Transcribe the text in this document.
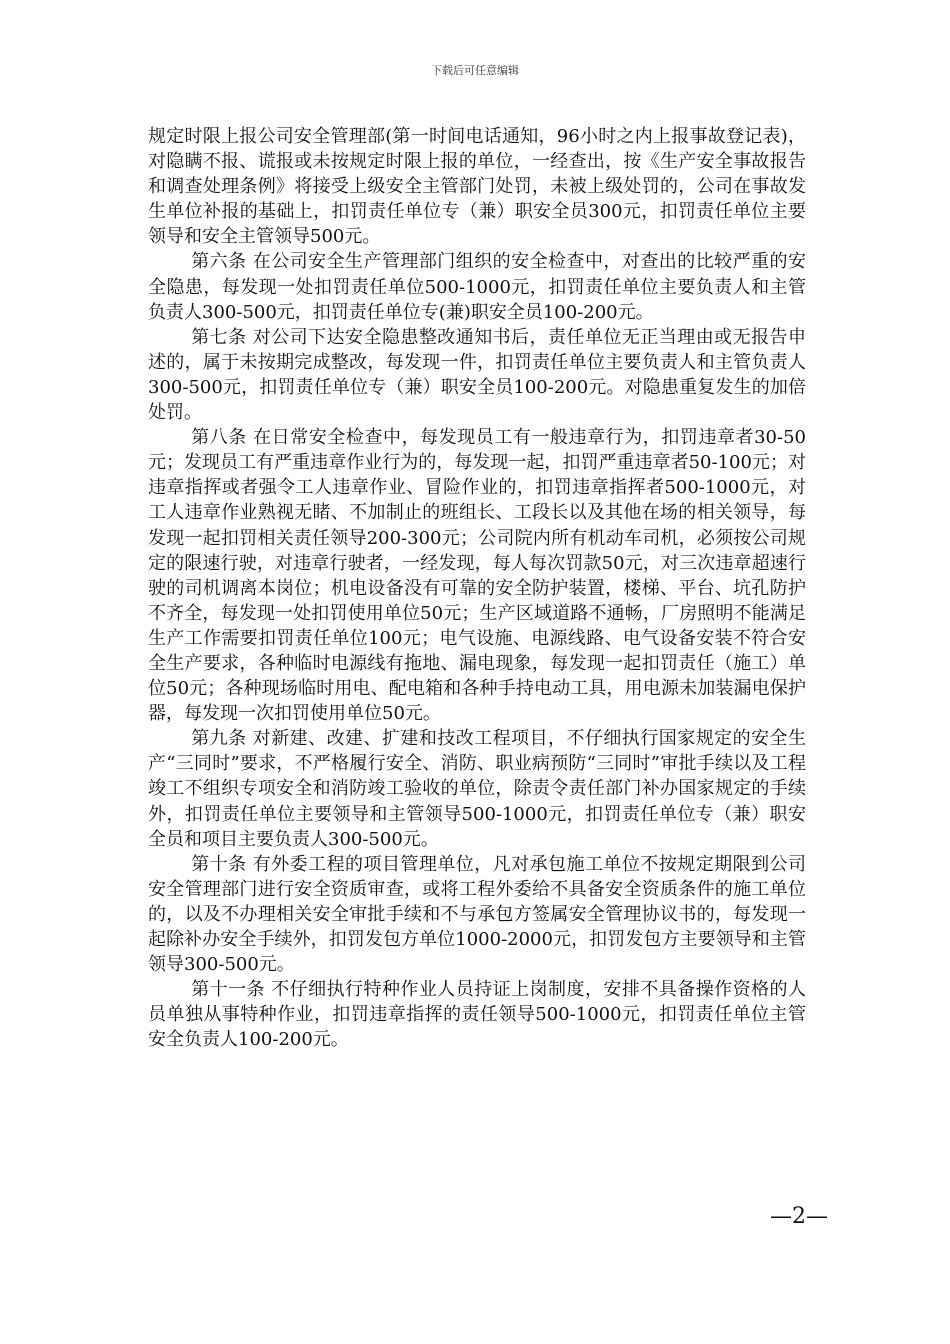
下载后可任意编辑

规定时限上报公司安全管理部(第一时间电话通知，96小时之内上报事故登记表)，对隐瞒不报、谎报或未按规定时限上报的单位，一经查出，按《生产安全事故报告和调查处理条例》将接受上级安全主管部门处罚，未被上级处罚的，公司在事故发生单位补报的基础上，扣罚责任单位专（兼）职安全员300元，扣罚责任单位主要领导和安全主管领导500元。

第六条 在公司安全生产管理部门组织的安全检查中，对查出的比较严重的安全隐患，每发现一处扣罚责任单位500-1000元，扣罚责任单位主要负责人和主管负责人300-500元，扣罚责任单位专(兼)职安全员100-200元。

第七条 对公司下达安全隐患整改通知书后，责任单位无正当理由或无报告申述的，属于未按期完成整改，每发现一件，扣罚责任单位主要负责人和主管负责人300-500元，扣罚责任单位专（兼）职安全员100-200元。对隐患重复发生的加倍处罚。

第八条 在日常安全检查中，每发现员工有一般违章行为，扣罚违章者30-50元；发现员工有严重违章作业行为的，每发现一起，扣罚严重违章者50-100元；对违章指挥或者强令工人违章作业、冒险作业的，扣罚违章指挥者500-1000元，对工人违章作业熟视无睹、不加制止的班组长、工段长以及其他在场的相关领导，每发现一起扣罚相关责任领导200-300元；公司院内所有机动车司机，必须按公司规定的限速行驶，对违章行驶者，一经发现，每人每次罚款50元，对三次违章超速行驶的司机调离本岗位；机电设备没有可靠的安全防护装置，楼梯、平台、坑孔防护不齐全，每发现一处扣罚使用单位50元；生产区域道路不通畅，厂房照明不能满足生产工作需要扣罚责任单位100元；电气设施、电源线路、电气设备安装不符合安全生产要求，各种临时电源线有拖地、漏电现象，每发现一起扣罚责任（施工）单位50元；各种现场临时用电、配电箱和各种手持电动工具，用电源未加装漏电保护器，每发现一次扣罚使用单位50元。

第九条 对新建、改建、扩建和技改工程项目，不仔细执行国家规定的安全生产“三同时”要求，不严格履行安全、消防、职业病预防“三同时”审批手续以及工程竣工不组织专项安全和消防竣工验收的单位，除责令责任部门补办国家规定的手续外，扣罚责任单位主要领导和主管领导500-1000元，扣罚责任单位专（兼）职安全员和项目主要负责人300-500元。

第十条 有外委工程的项目管理单位，凡对承包施工单位不按规定期限到公司安全管理部门进行安全资质审查，或将工程外委给不具备安全资质条件的施工单位的，以及不办理相关安全审批手续和不与承包方签属安全管理协议书的，每发现一起除补办安全手续外，扣罚发包方单位1000-2000元，扣罚发包方主要领导和主管领导300-500元。

第十一条 不仔细执行特种作业人员持证上岗制度，安排不具备操作资格的人员单独从事特种作业，扣罚违章指挥的责任领导500-1000元，扣罚责任单位主管安全负责人100-200元。

—2—
